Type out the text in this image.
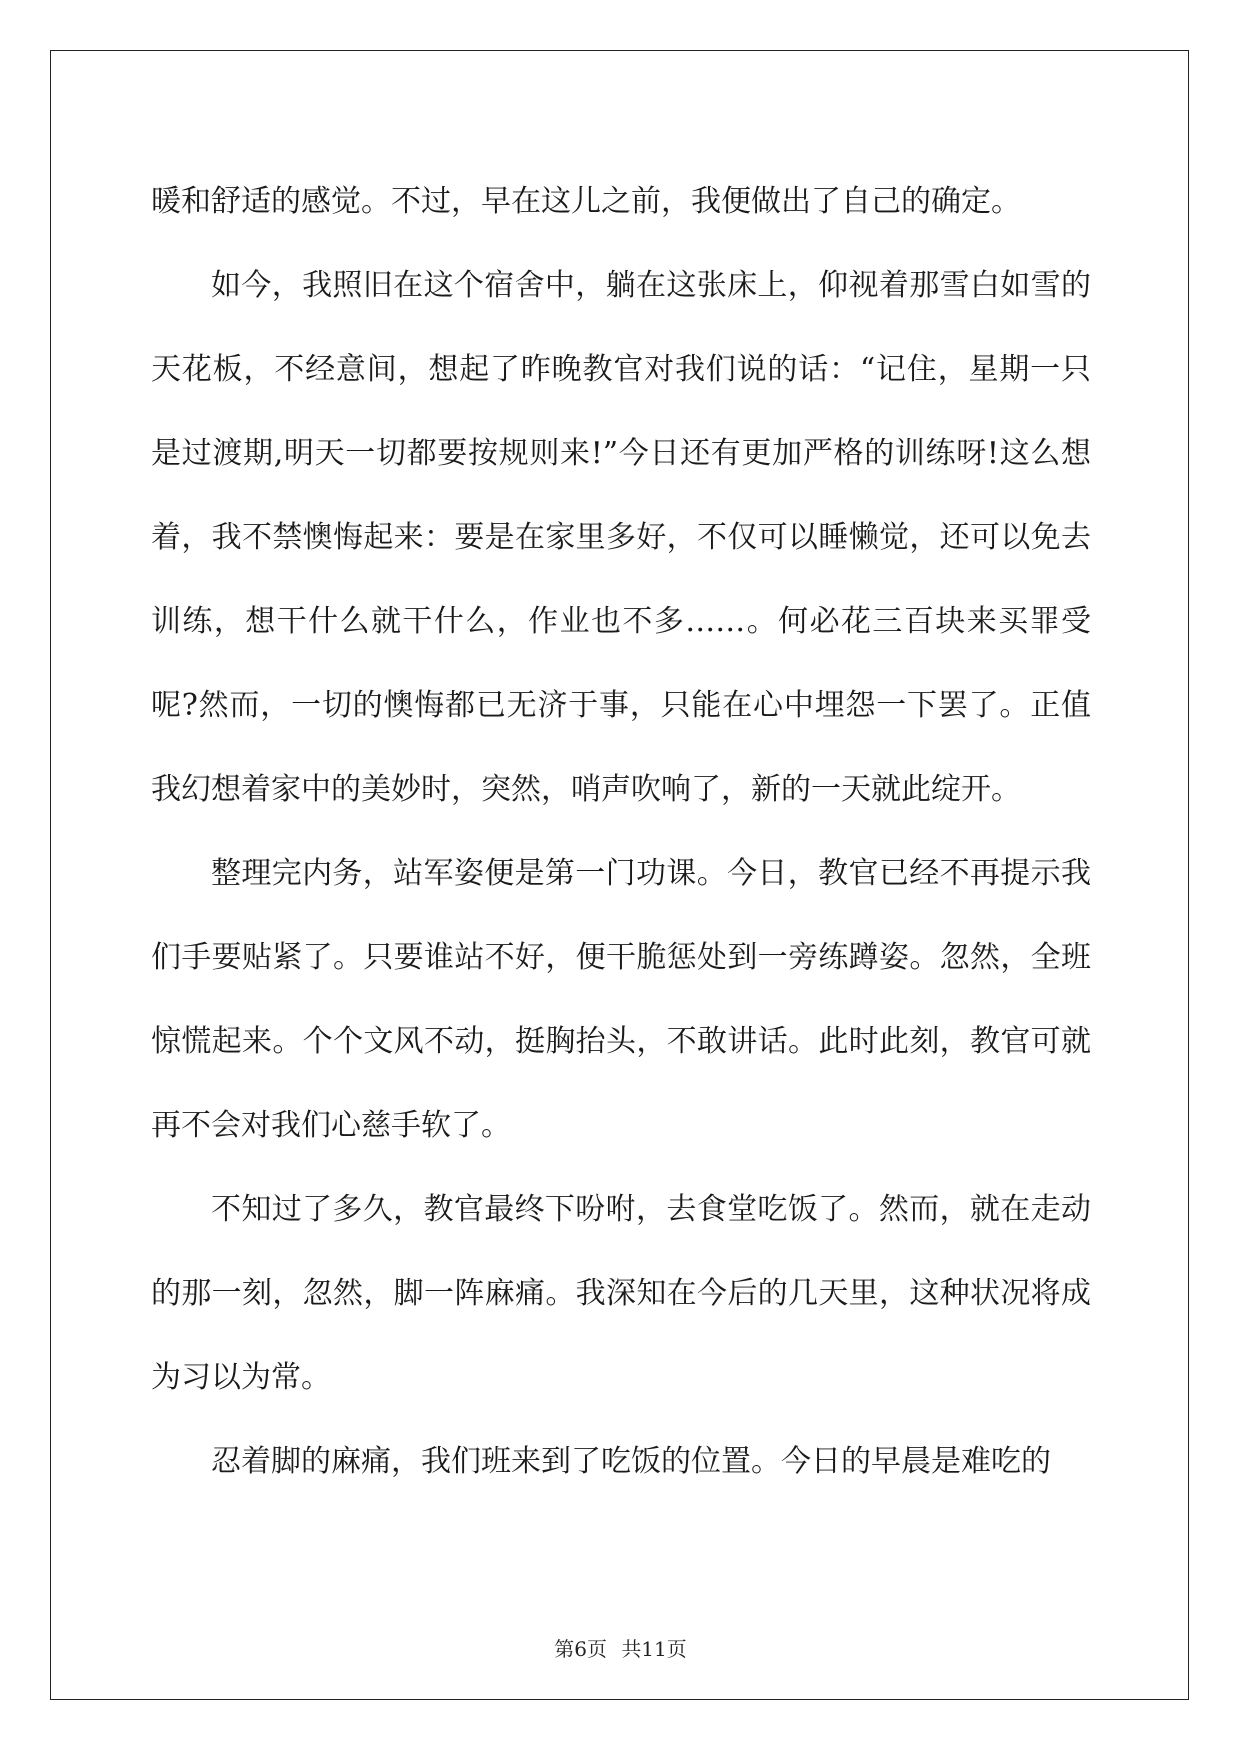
暖和舒适的感觉。不过，早在这儿之前，我便做出了自己的确定。

如今，我照旧在这个宿舍中，躺在这张床上，仰视着那雪白如雪的天花板，不经意间，想起了昨晚教官对我们说的话：“记住，星期一只是过渡期,明天一切都要按规则来!”今日还有更加严格的训练呀!这么想着，我不禁懊悔起来：要是在家里多好，不仅可以睡懒觉，还可以免去训练，想干什么就干什么，作业也不多……。何必花三百块来买罪受呢?然而，一切的懊悔都已无济于事，只能在心中埋怨一下罢了。正值我幻想着家中的美妙时，突然，哨声吹响了，新的一天就此绽开。

整理完内务，站军姿便是第一门功课。今日，教官已经不再提示我们手要贴紧了。只要谁站不好，便干脆惩处到一旁练蹲姿。忽然，全班惊慌起来。个个文风不动，挺胸抬头，不敢讲话。此时此刻，教官可就再不会对我们心慈手软了。

不知过了多久，教官最终下吩咐，去食堂吃饭了。然而，就在走动的那一刻，忽然，脚一阵麻痛。我深知在今后的几天里，这种状况将成为习以为常。

忍着脚的麻痛，我们班来到了吃饭的位置。今日的早晨是难吃的

第6页 共11页
